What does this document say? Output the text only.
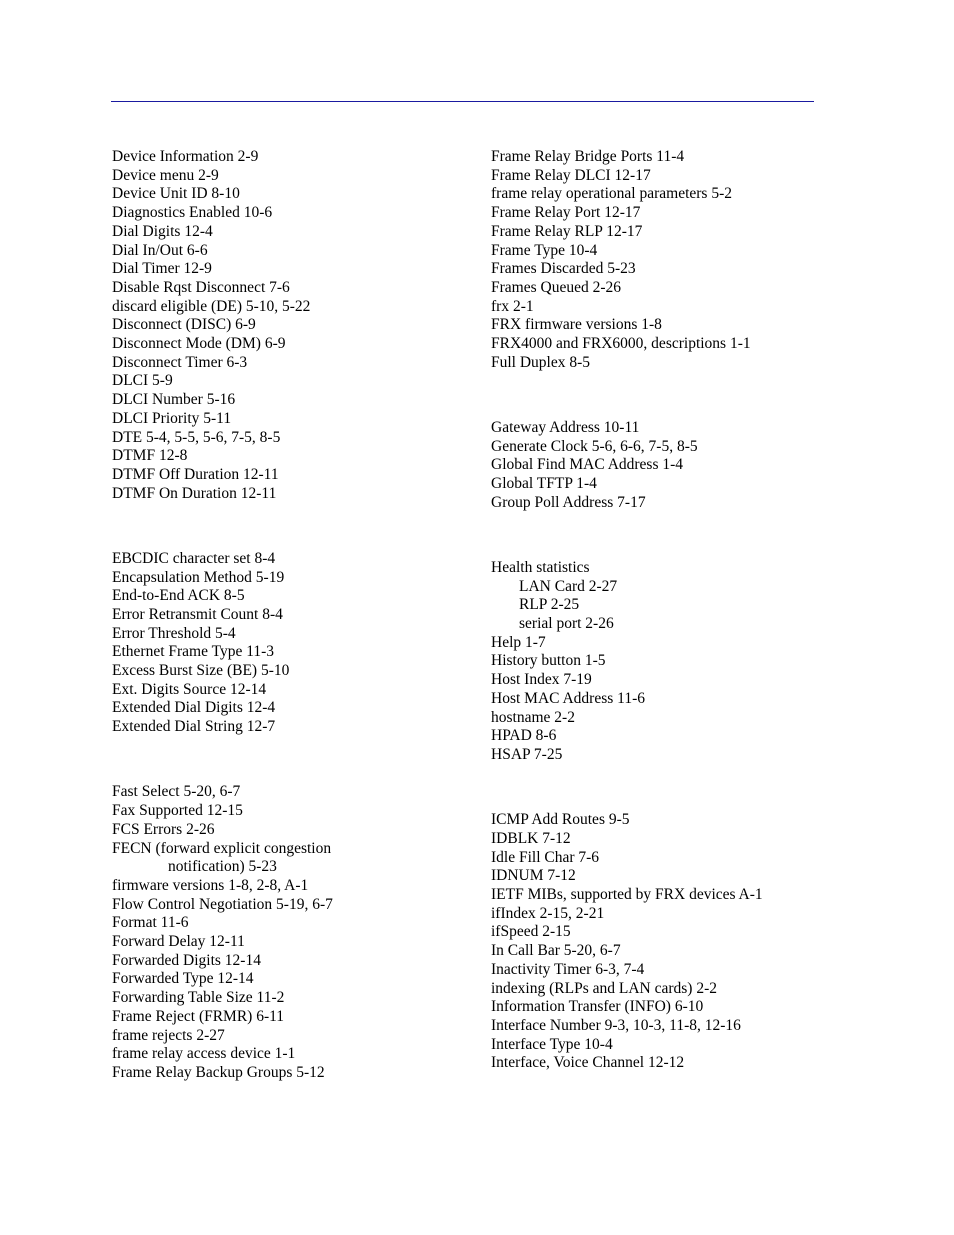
Device Information 2-9
Device menu 2-9
Device Unit ID 8-10
Diagnostics Enabled 10-6
Dial Digits 12-4
Dial In/Out 6-6
Dial Timer 12-9
Disable Rqst Disconnect 7-6
discard eligible (DE) 5-10, 5-22
Disconnect (DISC) 6-9
Disconnect Mode (DM) 6-9
Disconnect Timer 6-3
DLCI 5-9
DLCI Number 5-16
DLCI Priority 5-11
DTE 5-4, 5-5, 5-6, 7-5, 8-5
DTMF 12-8
DTMF Off Duration 12-11
DTMF On Duration 12-11
EBCDIC character set 8-4
Encapsulation Method 5-19
End-to-End ACK 8-5
Error Retransmit Count 8-4
Error Threshold 5-4
Ethernet Frame Type 11-3
Excess Burst Size (BE) 5-10
Ext. Digits Source 12-14
Extended Dial Digits 12-4
Extended Dial String 12-7
Fast Select 5-20, 6-7
Fax Supported 12-15
FCS Errors 2-26
FECN (forward explicit congestion
notification) 5-23
firmware versions 1-8, 2-8, A-1
Flow Control Negotiation 5-19, 6-7
Format 11-6
Forward Delay 12-11
Forwarded Digits 12-14
Forwarded Type 12-14
Forwarding Table Size 11-2
Frame Reject (FRMR) 6-11
frame rejects 2-27
frame relay access device 1-1
Frame Relay Backup Groups 5-12
Frame Relay Bridge Ports 11-4
Frame Relay DLCI 12-17
frame relay operational parameters 5-2
Frame Relay Port 12-17
Frame Relay RLP 12-17
Frame Type 10-4
Frames Discarded 5-23
Frames Queued 2-26
frx 2-1
FRX firmware versions 1-8
FRX4000 and FRX6000, descriptions 1-1
Full Duplex 8-5
Gateway Address 10-11
Generate Clock 5-6, 6-6, 7-5, 8-5
Global Find MAC Address 1-4
Global TFTP 1-4
Group Poll Address 7-17
Health statistics
LAN Card 2-27
RLP 2-25
serial port 2-26
Help 1-7
History button 1-5
Host Index 7-19
Host MAC Address 11-6
hostname 2-2
HPAD 8-6
HSAP 7-25
ICMP Add Routes 9-5
IDBLK 7-12
Idle Fill Char 7-6
IDNUM 7-12
IETF MIBs, supported by FRX devices A-1
ifIndex 2-15, 2-21
ifSpeed 2-15
In Call Bar 5-20, 6-7
Inactivity Timer 6-3, 7-4
indexing (RLPs and LAN cards) 2-2
Information Transfer (INFO) 6-10
Interface Number 9-3, 10-3, 11-8, 12-16
Interface Type 10-4
Interface, Voice Channel 12-12
